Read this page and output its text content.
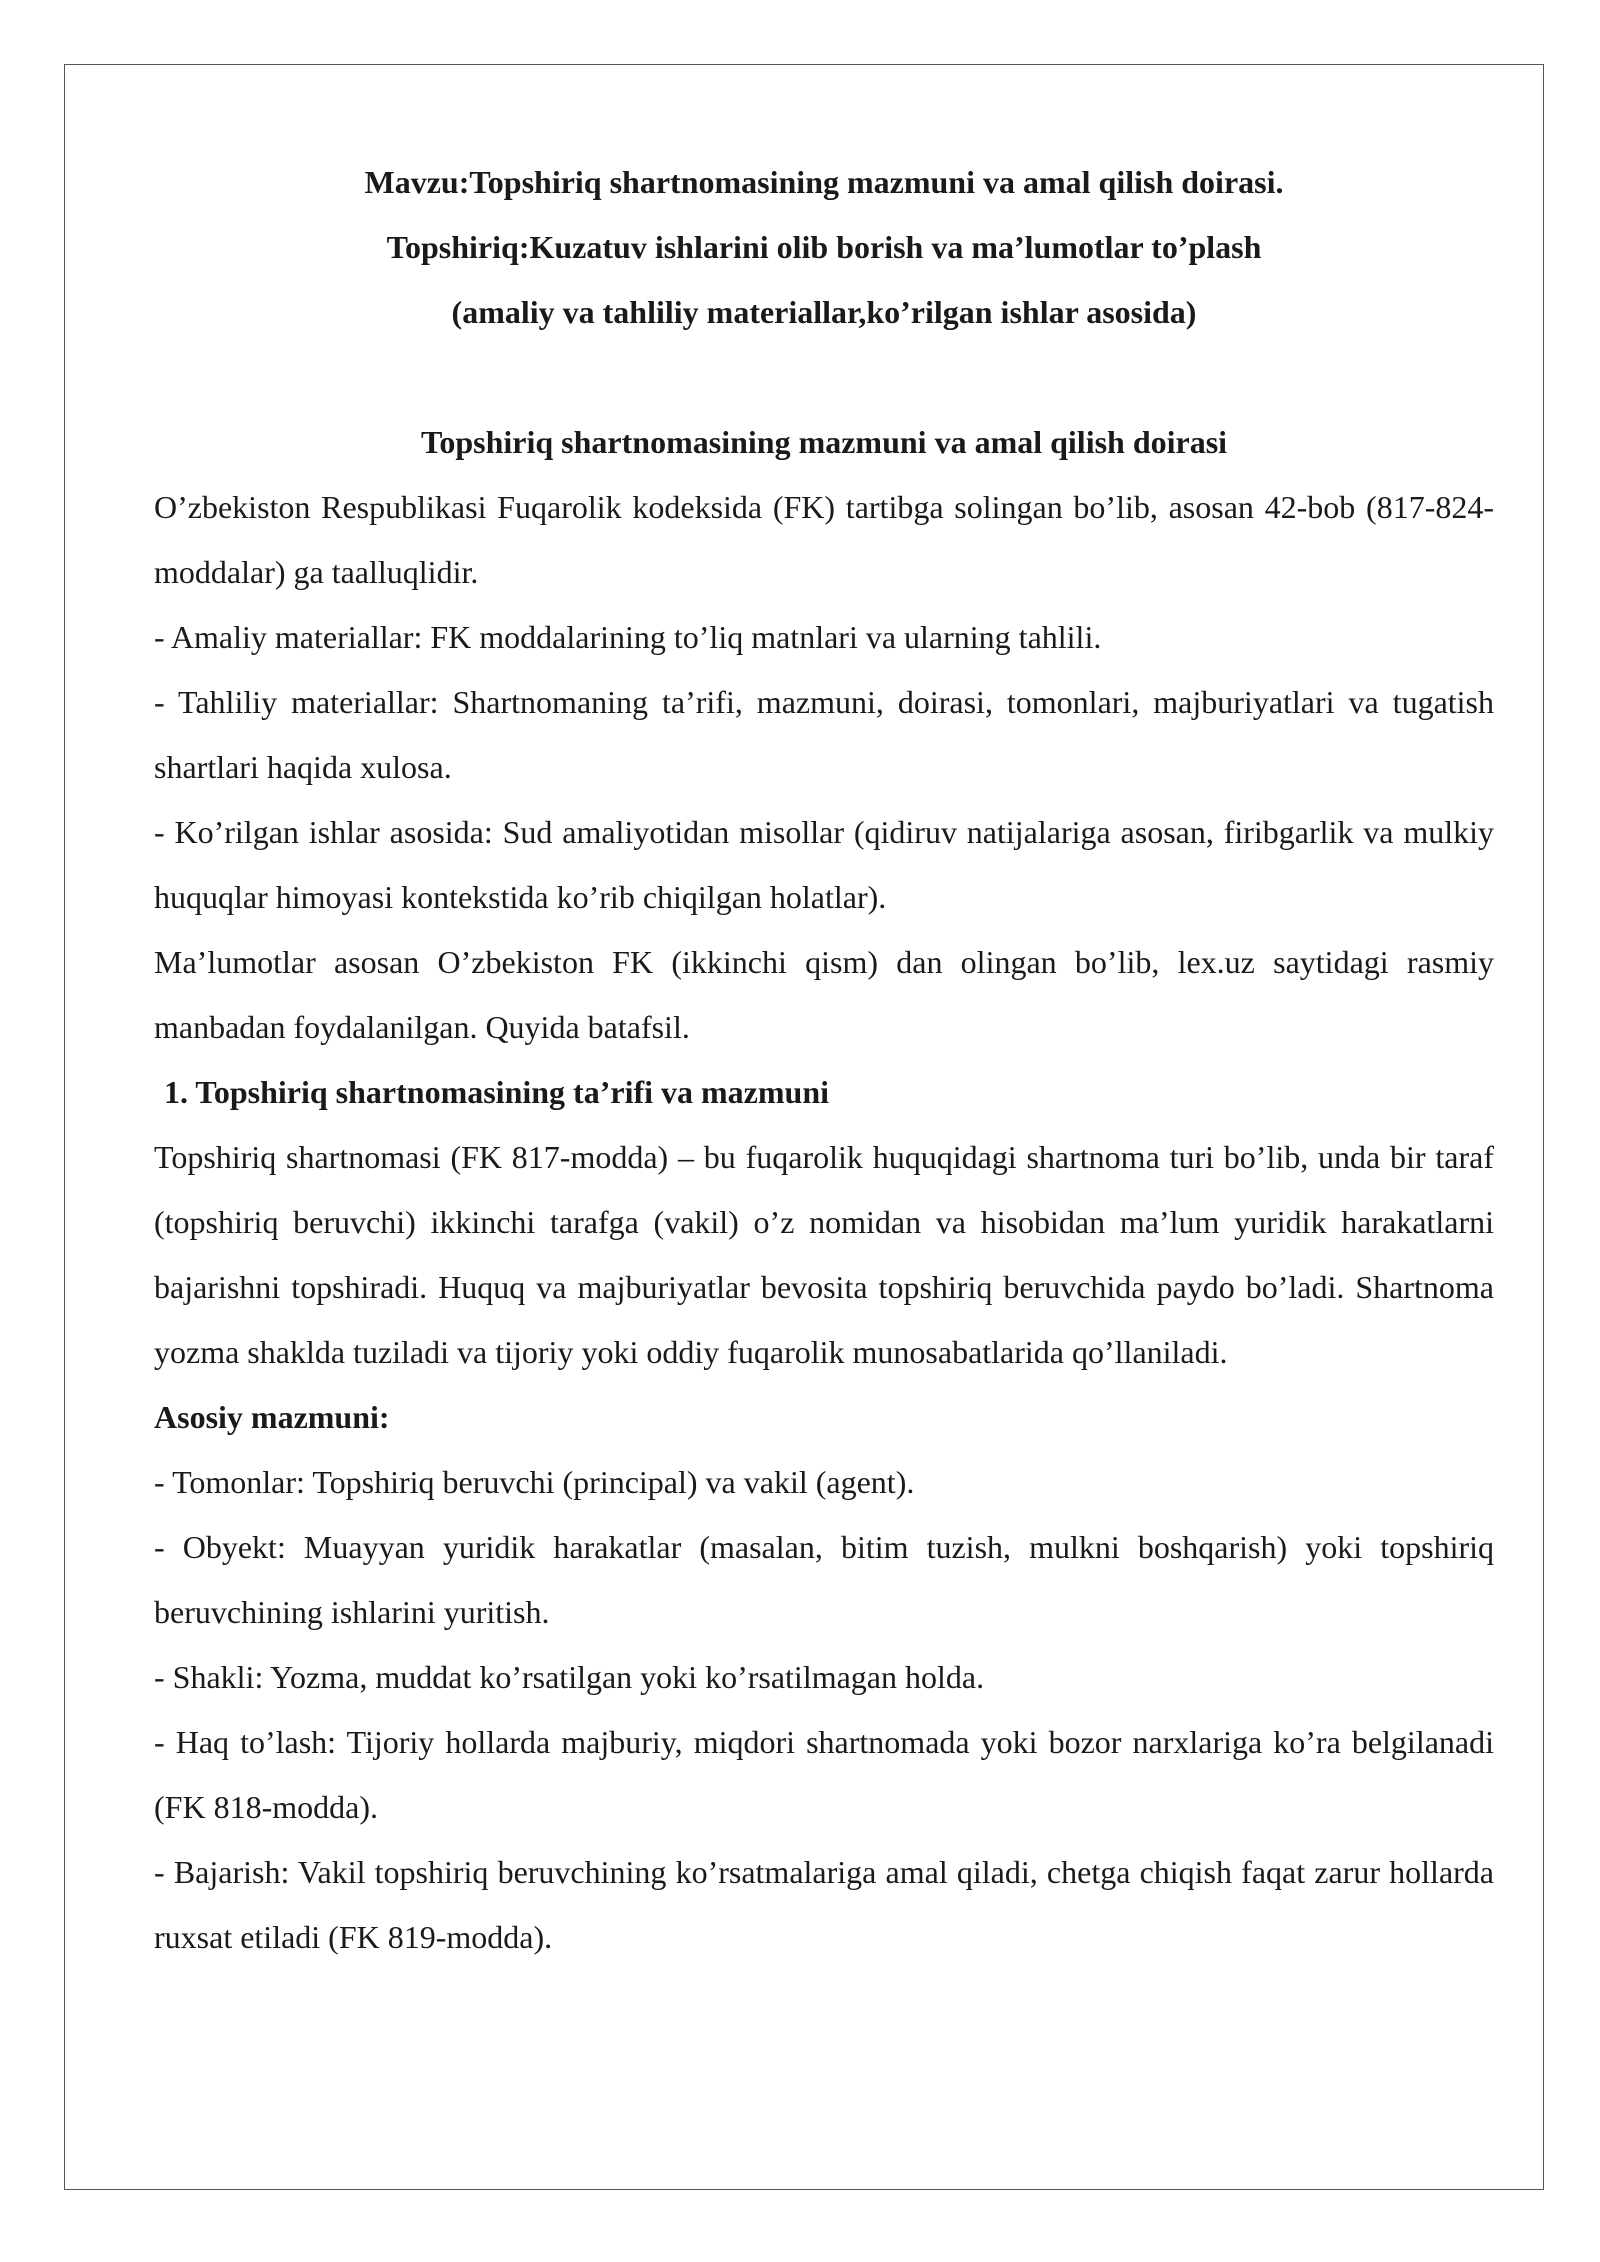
Mavzu:Topshiriq shartnomasining mazmuni va amal qilish doirasi.

Topshiriq:Kuzatuv ishlarini olib borish va ma’lumotlar to’plash

(amaliy va tahliliy materiallar,ko’rilgan ishlar asosida)

Topshiriq shartnomasining mazmuni va amal qilish doirasi

O’zbekiston Respublikasi Fuqarolik kodeksida (FK) tartibga solingan bo’lib, asosan 42-bob (817-824-moddalar) ga taalluqlidir.

- Amaliy materiallar: FK moddalarining to’liq matnlari va ularning tahlili.

- Tahliliy materiallar: Shartnomaning ta’rifi, mazmuni, doirasi, tomonlari, majburiyatlari va tugatish shartlari haqida xulosa.

- Ko’rilgan ishlar asosida: Sud amaliyotidan misollar (qidiruv natijalariga asosan, firibgarlik va mulkiy huquqlar himoyasi kontekstida ko’rib chiqilgan holatlar).

Ma’lumotlar asosan O’zbekiston FK (ikkinchi qism) dan olingan bo’lib, lex.uz saytidagi rasmiy manbadan foydalanilgan. Quyida batafsil.

1. Topshiriq shartnomasining ta’rifi va mazmuni

Topshiriq shartnomasi (FK 817-modda) – bu fuqarolik huquqidagi shartnoma turi bo’lib, unda bir taraf (topshiriq beruvchi) ikkinchi tarafga (vakil) o’z nomidan va hisobidan ma’lum yuridik harakatlarni bajarishni topshiradi. Huquq va majburiyatlar bevosita topshiriq beruvchida paydo bo’ladi. Shartnoma yozma shaklda tuziladi va tijoriy yoki oddiy fuqarolik munosabatlarida qo’llaniladi.

Asosiy mazmuni:

- Tomonlar: Topshiriq beruvchi (principal) va vakil (agent).

- Obyekt: Muayyan yuridik harakatlar (masalan, bitim tuzish, mulkni boshqarish) yoki topshiriq beruvchining ishlarini yuritish.

- Shakli: Yozma, muddat ko’rsatilgan yoki ko’rsatilmagan holda.

- Haq to’lash: Tijoriy hollarda majburiy, miqdori shartnomada yoki bozor narxlariga ko’ra belgilanadi (FK 818-modda).

- Bajarish: Vakil topshiriq beruvchining ko’rsatmalariga amal qiladi, chetga chiqish faqat zarur hollarda ruxsat etiladi (FK 819-modda).
